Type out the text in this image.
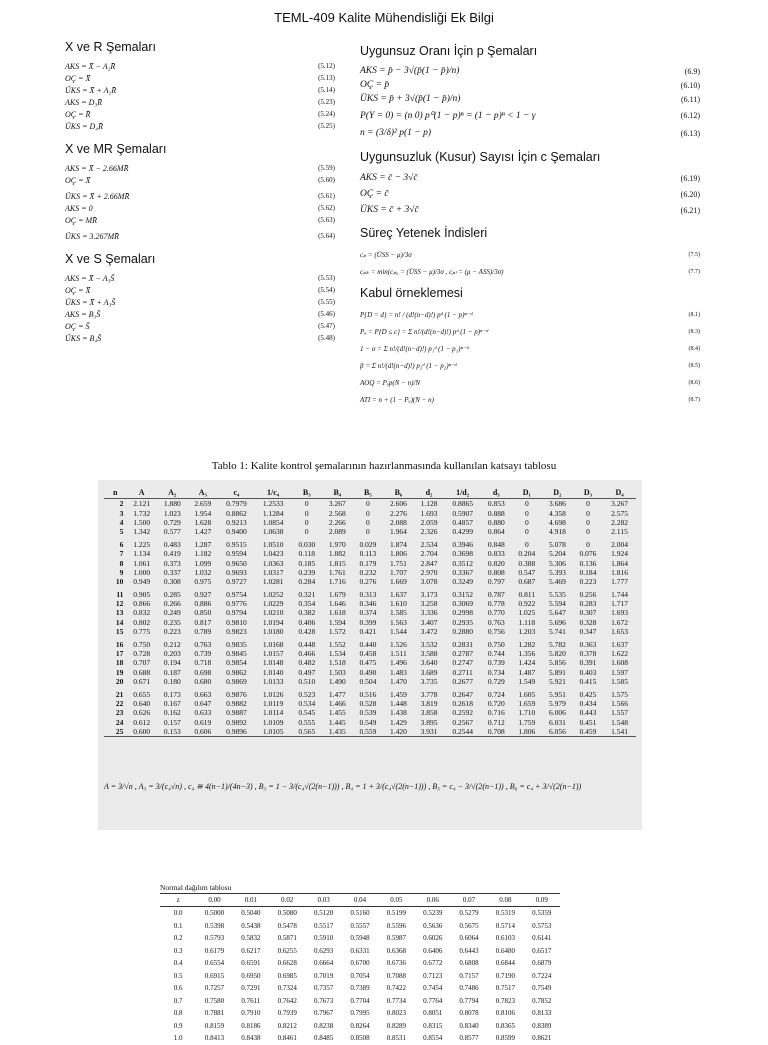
TEML-409 Kalite Mühendisliği Ek Bilgi
X ve R Şemaları
AKS = X̄̄ − A₂R̄	(5.12)
OÇ = X̄̄	(5.13)
ÜKS = X̄̄ + A₂R̄	(5.14)
AKS = D₃R̄	(5.23)
OÇ = R̄	(5.24)
ÜKS = D₄R̄	(5.25)
X ve MR Şemaları
AKS = X̄ − 2.66MR̄	(5.59)
OÇ = X̄	(5.60)
ÜKS = X̄ + 2.66MR̄	(5.61)
AKS = 0	(5.62)
OÇ = MR̄	(5.63)
ÜKS = 3.267MR̄	(5.64)
X ve S Şemaları
AKS = X̄̄ − A₃S̄	(5.53)
OÇ = X̄̄	(5.54)
ÜKS = X̄̄ + A₃S̄	(5.55)
AKS = B₃S̄	(5.46)
OÇ = S̄	(5.47)
ÜKS = B₄S̄	(5.48)
Uygunsuz Oranı İçin p Şemaları
AKS = p̄ − 3√(p̄(1 − p̄)/n)	(6.9)
OÇ = p̄	(6.10)
ÜKS = p̄ + 3√(p̄(1 − p̄)/n)	(6.11)
P(Y = 0) = (n 0) p⁰(1 − p)ⁿ = (1 − p)ⁿ < 1 − γ	(6.12)
n = (3/δ)² p(1 − p)	(6.13)
Uygunsuzluk (Kusur) Sayısı İçin c Şemaları
AKS = c̄ − 3√c̄	(6.19)
OÇ = c̄	(6.20)
ÜKS = c̄ + 3√c̄	(6.21)
Süreç Yetenek İndisleri
cₚ = (ÜSS − μ)/3σ	(7.5)
cₚₖ = min(cₚᵤ = (ÜSS − μ)/3σ , cₚₗ = (μ − ASS)/3σ)	(7.7)
Kabul örneklemesi
P{D = d} = n! / (d!(n−d)!) pᵈ (1 − p)ⁿ⁻ᵈ	(8.1)
Pₐ = P{D ≤ c} = Σ n!/(d!(n−d)!) pᵈ (1 − p)ⁿ⁻ᵈ	(8.3)
1 − α = Σ n!/(d!(n−d)!) p₁ᵈ (1 − p₁)ⁿ⁻ᵈ	(8.4)
β = Σ n!/(d!(n−d)!) p₂ᵈ (1 − p₂)ⁿ⁻ᵈ	(8.5)
AOQ = Pₐp(N − n)/N	(8.6)
ATI = n + (1 − Pₐ)(N − n)	(8.7)
Tablo 1: Kalite kontrol şemalarının hazırlanmasında kullanılan katsayı tablosu
n	A	A₂	A₃	c₄	1/c₄	B₃	B₄	B₅	B₆	d₂	1/d₂	d₃	D₁	D₂	D₃	D₄
2	2.121	1.880	2.659	0.7979	1.2533	0	3.267	0	2.606	1.128	0.8865	0.853	0	3.686	0	3.267
3	1.732	1.023	1.954	0.8862	1.1284	0	2.568	0	2.276	1.693	0.5907	0.888	0	4.358	0	2.575
4	1.500	0.729	1.628	0.9213	1.0854	0	2.266	0	2.088	2.059	0.4857	0.880	0	4.698	0	2.282
5	1.342	0.577	1.427	0.9400	1.0638	0	2.089	0	1.964	2.326	0.4299	0.864	0	4.918	0	2.115
6	1.225	0.483	1.287	0.9515	1.0510	0.030	1.970	0.029	1.874	2.534	0.3946	0.848	0	5.078	0	2.004
7	1.134	0.419	1.182	0.9594	1.0423	0.118	1.882	0.113	1.806	2.704	0.3698	0.833	0.204	5.204	0.076	1.924
8	1.061	0.373	1.099	0.9650	1.0363	0.185	1.815	0.179	1.751	2.847	0.3512	0.820	0.388	5.306	0.136	1.864
9	1.000	0.337	1.032	0.9693	1.0317	0.239	1.761	0.232	1.707	2.970	0.3367	0.808	0.547	5.393	0.184	1.816
10	0.949	0.308	0.975	0.9727	1.0281	0.284	1.716	0.276	1.669	3.078	0.3249	0.797	0.687	5.469	0.223	1.777
11	0.905	0.285	0.927	0.9754	1.0252	0.321	1.679	0.313	1.637	3.173	0.3152	0.787	0.811	5.535	0.256	1.744
12	0.866	0.266	0.886	0.9776	1.0229	0.354	1.646	0.346	1.610	3.258	0.3069	0.778	0.922	5.594	0.283	1.717
13	0.832	0.249	0.850	0.9794	1.0210	0.382	1.618	0.374	1.585	3.336	0.2998	0.770	1.025	5.647	0.307	1.693
14	0.802	0.235	0.817	0.9810	1.0194	0.406	1.594	0.399	1.563	3.407	0.2935	0.763	1.118	5.696	0.328	1.672
15	0.775	0.223	0.789	0.9823	1.0180	0.428	1.572	0.421	1.544	3.472	0.2880	0.756	1.203	5.741	0.347	1.653
16	0.750	0.212	0.763	0.9835	1.0168	0.448	1.552	0.440	1.526	3.532	0.2831	0.750	1.282	5.782	0.363	1.637
17	0.728	0.203	0.739	0.9845	1.0157	0.466	1.534	0.458	1.511	3.588	0.2787	0.744	1.356	5.820	0.378	1.622
18	0.707	0.194	0.718	0.9854	1.0148	0.482	1.518	0.475	1.496	3.640	0.2747	0.739	1.424	5.856	0.391	1.608
19	0.688	0.187	0.698	0.9862	1.0140	0.497	1.503	0.490	1.483	3.689	0.2711	0.734	1.487	5.891	0.403	1.597
20	0.671	0.180	0.680	0.9869	1.0133	0.510	1.490	0.504	1.470	3.735	0.2677	0.729	1.549	5.921	0.415	1.585
21	0.655	0.173	0.663	0.9876	1.0126	0.523	1.477	0.516	1.459	3.778	0.2647	0.724	1.605	5.951	0.425	1.575
22	0.640	0.167	0.647	0.9882	1.0119	0.534	1.466	0.528	1.448	3.819	0.2618	0.720	1.659	5.979	0.434	1.566
23	0.626	0.162	0.633	0.9887	1.0114	0.545	1.455	0.539	1.438	3.858	0.2592	0.716	1.710	6.006	0.443	1.557
24	0.612	0.157	0.619	0.9892	1.0109	0.555	1.445	0.549	1.429	3.895	0.2567	0.712	1.759	6.031	0.451	1.548
25	0.600	0.153	0.606	0.9896	1.0105	0.565	1.435	0.559	1.420	3.931	0.2544	0.708	1.806	6.056	0.459	1.541
A = 3/√n , A₃ = 3/(c₄√n) , c₄ ≅ 4(n−1)/(4n−3) , B₃ = 1 − 3/(c₄√(2(n−1))) , B₄ = 1 + 3/(c₄√(2(n−1))) , B₅ = c₄ − 3/√(2(n−1)) , B₆ = c₄ + 3/√(2(n−1))
Normal dağılım tablosu
z	0.00	0.01	0.02	0.03	0.04	0.05	0.06	0.07	0.08	0.09
0.0	0.5000	0.5040	0.5080	0.5120	0.5160	0.5199	0.5239	0.5279	0.5319	0.5359
0.1	0.5398	0.5438	0.5478	0.5517	0.5557	0.5596	0.5636	0.5675	0.5714	0.5753
0.2	0.5793	0.5832	0.5871	0.5910	0.5948	0.5987	0.6026	0.6064	0.6103	0.6141
0.3	0.6179	0.6217	0.6255	0.6293	0.6331	0.6368	0.6406	0.6443	0.6480	0.6517
0.4	0.6554	0.6591	0.6628	0.6664	0.6700	0.6736	0.6772	0.6808	0.6844	0.6879
0.5	0.6915	0.6950	0.6985	0.7019	0.7054	0.7088	0.7123	0.7157	0.7190	0.7224
0.6	0.7257	0.7291	0.7324	0.7357	0.7389	0.7422	0.7454	0.7486	0.7517	0.7549
0.7	0.7580	0.7611	0.7642	0.7673	0.7704	0.7734	0.7764	0.7794	0.7823	0.7852
0.8	0.7881	0.7910	0.7939	0.7967	0.7995	0.8023	0.8051	0.8078	0.8106	0.8133
0.9	0.8159	0.8186	0.8212	0.8238	0.8264	0.8289	0.8315	0.8340	0.8365	0.8389
1.0	0.8413	0.8438	0.8461	0.8485	0.8508	0.8531	0.8554	0.8577	0.8599	0.8621
